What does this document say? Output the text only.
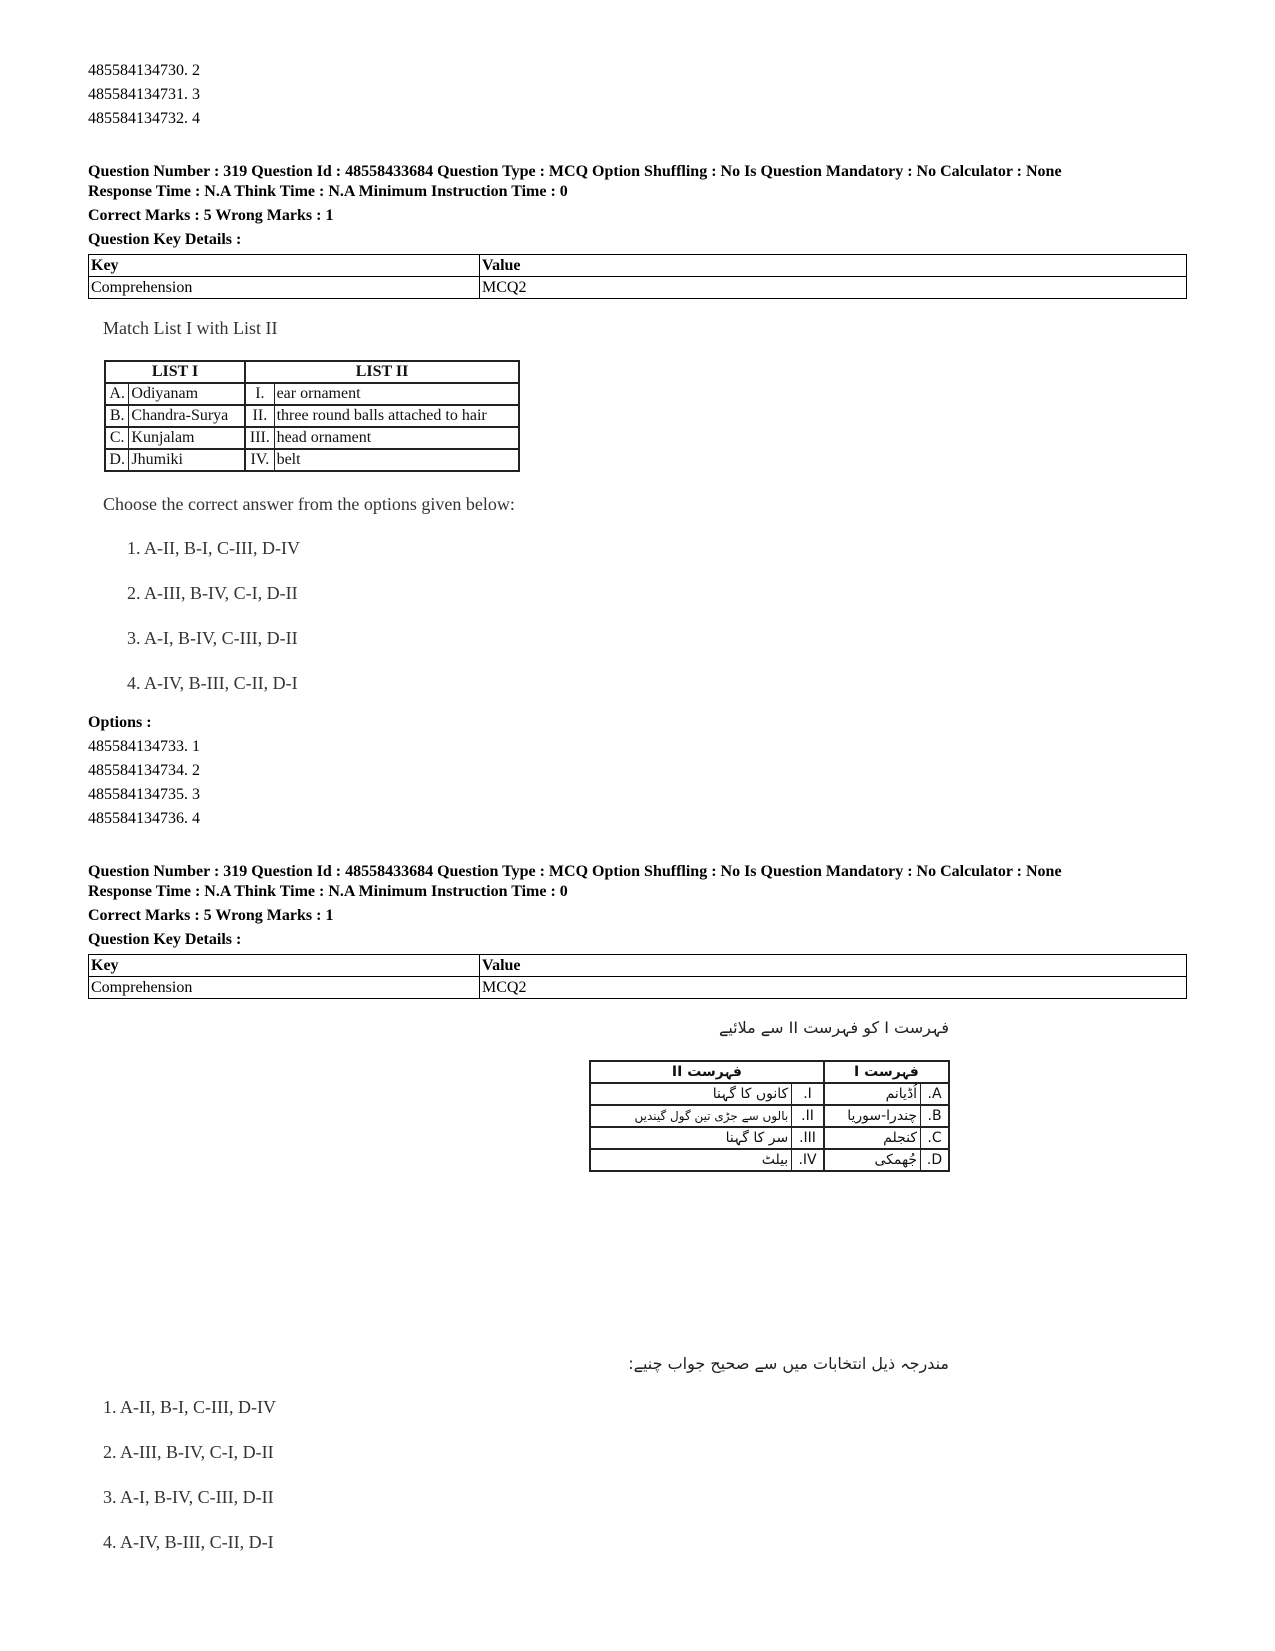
485584134730. 2
485584134731. 3
485584134732. 4
Question Number : 319 Question Id : 48558433684 Question Type : MCQ Option Shuffling : No Is Question Mandatory : No Calculator : None
Response Time : N.A Think Time : N.A Minimum Instruction Time : 0
Correct Marks : 5 Wrong Marks : 1
Question Key Details :
Key	Value
Comprehension	MCQ2
Match List I with List II
LIST I		LIST II	
A.	Odiyanam	I.	ear ornament
B.	Chandra-Surya	II.	three round balls attached to hair
C.	Kunjalam	III.	head ornament
D.	Jhumiki	IV.	belt
Choose the correct answer from the options given below:
1. A-II, B-I, C-III, D-IV
2. A-III, B-IV, C-I, D-II
3. A-I, B-IV, C-III, D-II
4. A-IV, B-III, C-II, D-I
Options :
485584134733. 1
485584134734. 2
485584134735. 3
485584134736. 4
Question Number : 319 Question Id : 48558433684 Question Type : MCQ Option Shuffling : No Is Question Mandatory : No Calculator : None
Response Time : N.A Think Time : N.A Minimum Instruction Time : 0
Correct Marks : 5 Wrong Marks : 1
Question Key Details :
Key	Value
Comprehension	MCQ2
فہرست I کو فہرست II سے ملائیے
فہرست I		فہرست II	
A.	اُڈیانم	I.	کانوں کا گہنا
B.	چندرا-سوریا	II.	بالوں سے جڑی تین گول گیندیں
C.	کنجلم	III.	سر کا گہنا
D.	جُھمکی	IV.	بیلٹ
مندرجہ ذیل انتخابات میں سے صحیح جواب چنیے:
1. A-II, B-I, C-III, D-IV
2. A-III, B-IV, C-I, D-II
3. A-I, B-IV, C-III, D-II
4. A-IV, B-III, C-II, D-I
